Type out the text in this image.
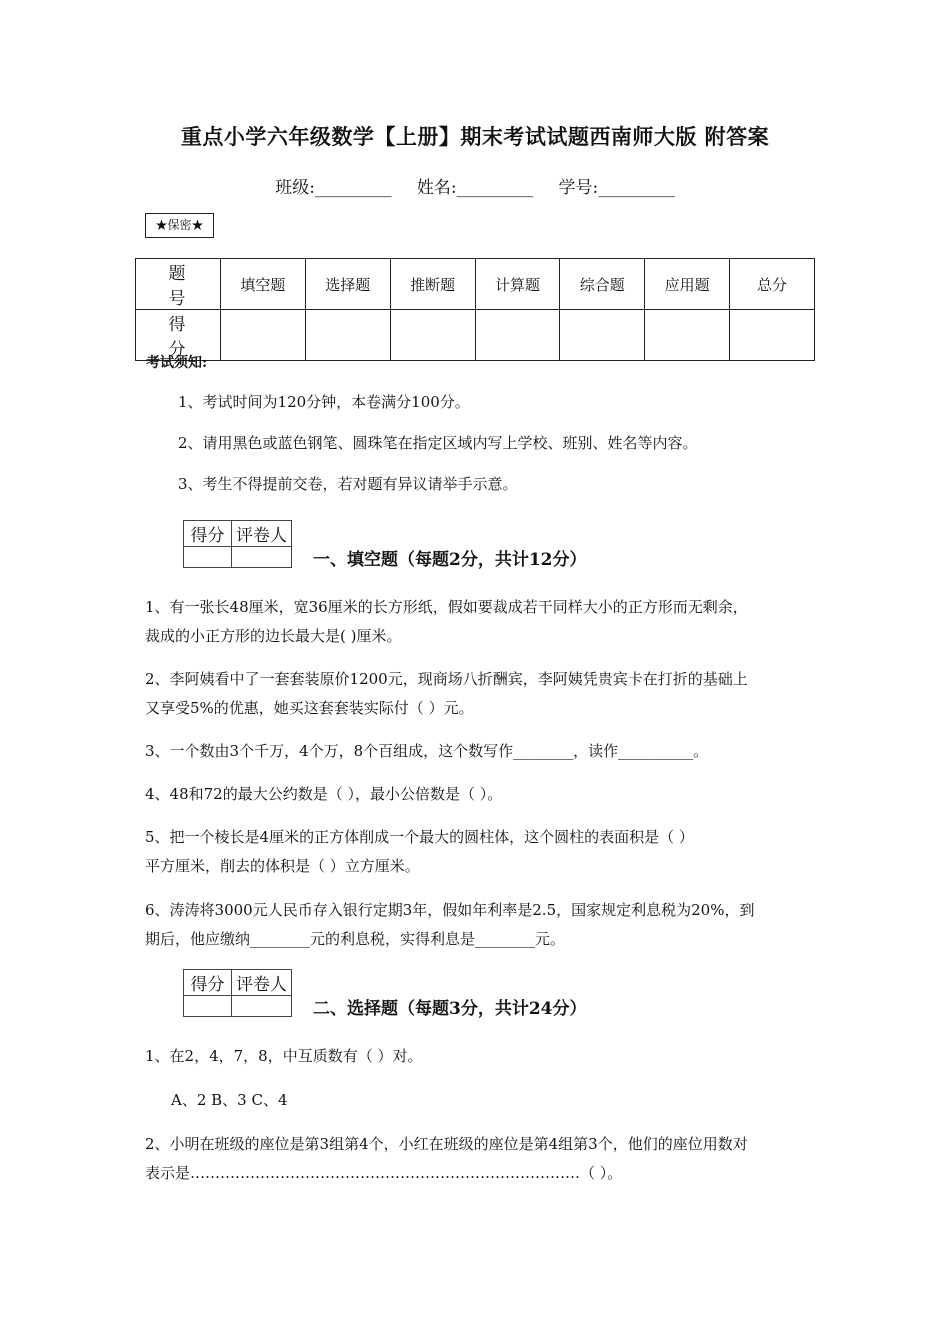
重点小学六年级数学【上册】期末考试试题西南师大版 附答案
班级:_________ 姓名:_________ 学号:_________
★保密★
题 号	填空题	选择题	推断题	计算题	综合题	应用题	总分
得 分							
考试须知:
1、考试时间为120分钟，本卷满分100分。
2、请用黑色或蓝色钢笔、圆珠笔在指定区域内写上学校、班别、姓名等内容。
3、考生不得提前交卷，若对题有异议请举手示意。
得分	评卷人

一、填空题（每题2分，共计12分）
1、有一张长48厘米，宽36厘米的长方形纸，假如要裁成若干同样大小的正方形而无剩余，
裁成的小正方形的边长最大是( )厘米。
2、李阿姨看中了一套套装原价1200元，现商场八折酬宾，李阿姨凭贵宾卡在打折的基础上
又享受5%的优惠，她买这套套装实际付（ ）元。
3、一个数由3个千万，4个万，8个百组成，这个数写作________，读作__________。
4、48和72的最大公约数是（ ），最小公倍数是（ ）。
5、把一个棱长是4厘米的正方体削成一个最大的圆柱体，这个圆柱的表面积是（ ）
平方厘米，削去的体积是（ ）立方厘米。
6、涛涛将3000元人民币存入银行定期3年，假如年利率是2.5，国家规定利息税为20%，到
期后，他应缴纳________元的利息税，实得利息是________元。
得分	评卷人

二、选择题（每题3分，共计24分）
1、在2，4，7，8，中互质数有（ ）对。
A、2 B、3 C、4
2、小明在班级的座位是第3组第4个，小红在班级的座位是第4组第3个，他们的座位用数对
表示是……………………………………………………………………（ ）。
